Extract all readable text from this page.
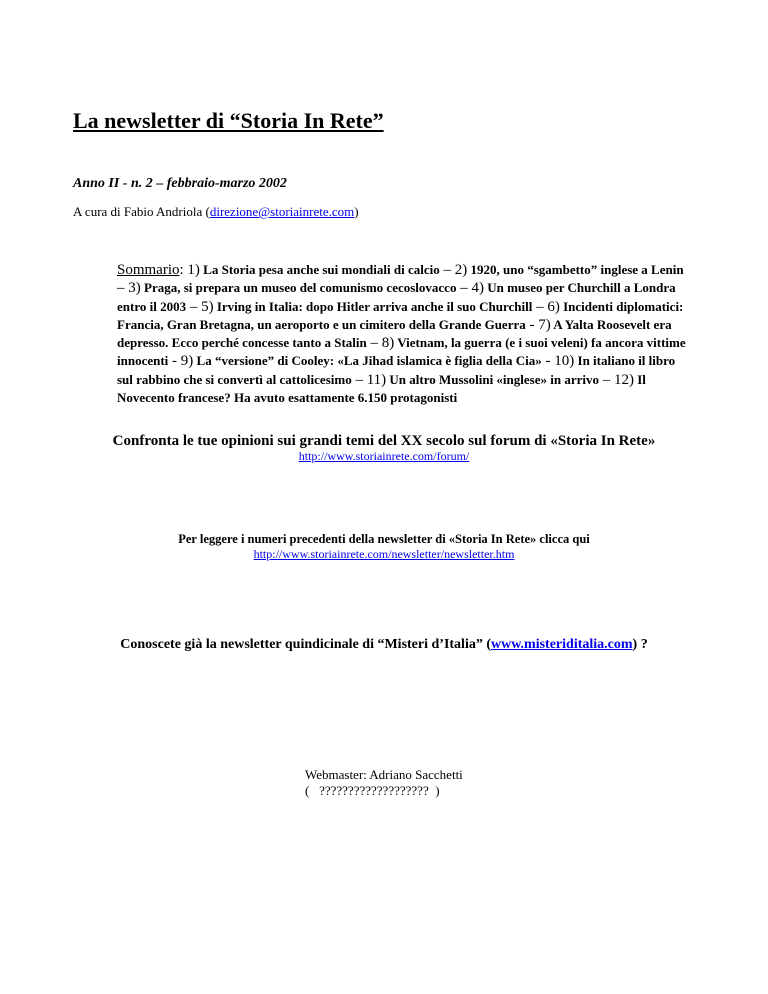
La newsletter di “Storia In Rete”
Anno II - n. 2 – febbraio-marzo 2002
A cura di Fabio Andriola (direzione@storiainrete.com)
Sommario: 1) La Storia pesa anche sui mondiali di calcio – 2) 1920, uno “sgambetto” inglese a Lenin – 3) Praga, si prepara un museo del comunismo cecoslovacco – 4) Un museo per Churchill a Londra entro il 2003 – 5) Irving in Italia: dopo Hitler arriva anche il suo Churchill – 6) Incidenti diplomatici: Francia, Gran Bretagna, un aeroporto e un cimitero della Grande Guerra - 7) A Yalta Roosevelt era depresso. Ecco perché concesse tanto a Stalin – 8) Vietnam, la guerra (e i suoi veleni) fa ancora vittime innocenti - 9) La “versione” di Cooley: «La Jihad islamica è figlia della Cia» - 10) In italiano il libro sul rabbino che si convertì al cattolicesimo – 11) Un altro Mussolini «inglese» in arrivo – 12) Il Novecento francese? Ha avuto esattamente 6.150 protagonisti
Confronta le tue opinioni sui grandi temi del XX secolo sul forum di «Storia In Rete»
http://www.storiainrete.com/forum/
Per leggere i numeri precedenti della newsletter di «Storia In Rete» clicca qui
http://www.storiainrete.com/newsletter/newsletter.htm
Conoscete già la newsletter quindicinale di “Misteri d’Italia” (www.misteriditalia.com) ?
Webmaster: Adriano Sacchetti
(   ???????????????????  )
